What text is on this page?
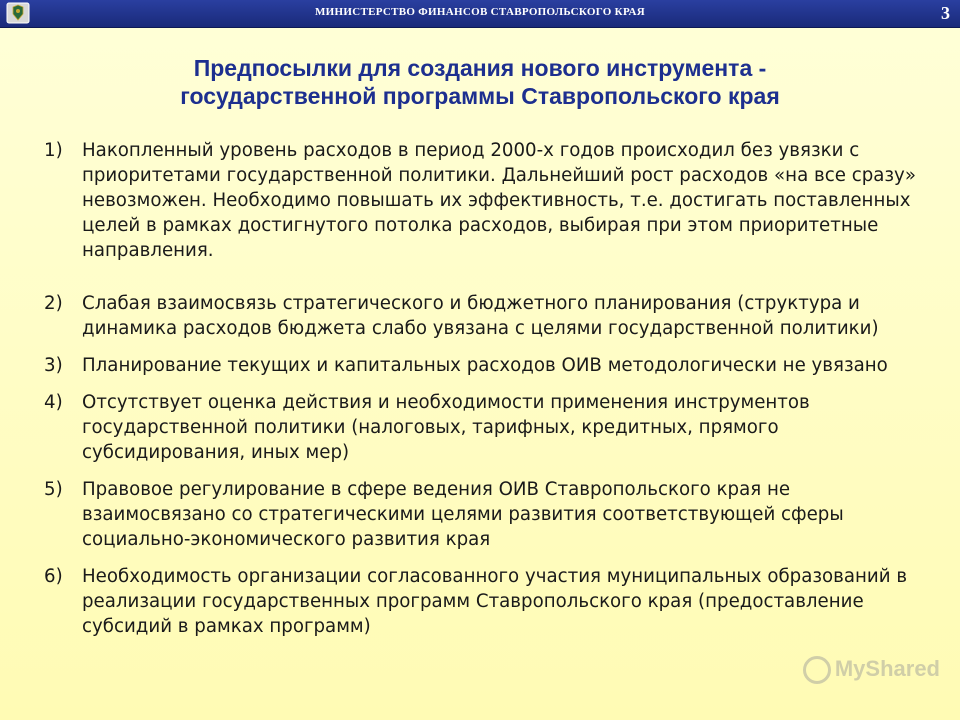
МИНИСТЕРСТВО ФИНАНСОВ СТАВРОПОЛЬСКОГО КРАЯ	3
Предпосылки для создания нового инструмента -
государственной программы Ставропольского края
1) Накопленный уровень расходов в период 2000-х годов происходил без увязки с приоритетами государственной политики. Дальнейший рост расходов «на все сразу» невозможен. Необходимо повышать их эффективность, т.е. достигать поставленных целей в рамках достигнутого потолка расходов, выбирая при этом приоритетные направления.
2) Слабая взаимосвязь стратегического и бюджетного планирования (структура и динамика расходов бюджета слабо увязана с целями государственной политики)
3) Планирование текущих и капитальных расходов ОИВ методологически не увязано
4) Отсутствует оценка действия и необходимости применения инструментов государственной политики (налоговых, тарифных, кредитных, прямого субсидирования, иных мер)
5) Правовое регулирование в сфере ведения ОИВ Ставропольского края не взаимосвязано со стратегическими целями развития соответствующей сферы социально-экономического развития края
6) Необходимость организации согласованного участия муниципальных образований в реализации государственных программ Ставропольского края (предоставление субсидий в рамках программ)
MyShared
